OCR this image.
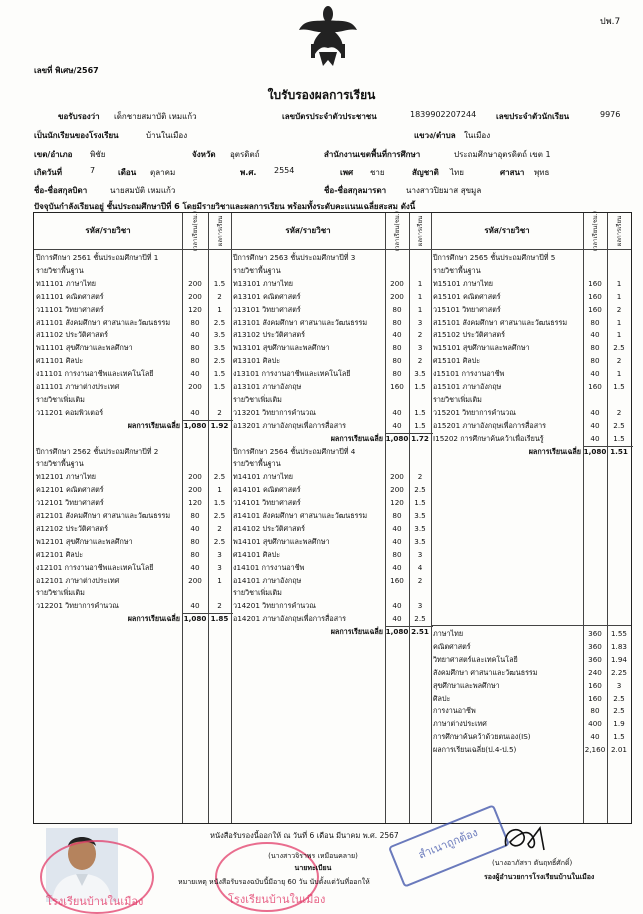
ปพ.7
เลขที่ พิเศษ/2567
ใบรับรองผลการเรียน
ขอรับรองว่า เด็กชายสมาบัติ เหมแก้ว	เลขบัตรประจำตัวประชาชน	1839902207244 เลขประจำตัวนักเรียน	9976
เป็นนักเรียนของโรงเรียน	บ้านในเมือง	แขวง/ตำบล ในเมือง
เขต/อำเภอ พิชัย	จังหวัด อุตรดิตถ์	สำนักงานเขตพื้นที่การศึกษา	ประถมศึกษาอุตรดิตถ์ เขต 1
เกิดวันที่	7	เดือน ตุลาคม	พ.ศ. 2554	เพศ ชาย	สัญชาติ ไทย	ศาสนา พุทธ
ชื่อ-ชื่อสกุลบิดา	นายสมบัติ เหมแก้ว	ชื่อ-ชื่อสกุลมารดา นางสาวปิยมาส สุขมูล
ปัจจุบันกำลังเรียนอยู่ ชั้นประถมศึกษาปีที่ 6 โดยมีรายวิชาและผลการเรียน พร้อมทั้งระดับคะแนนเฉลี่ยสะสม ดังนี้
รหัส/รายวิชา	เวลาเรียน(ชม.)	ผลการเรียน	รหัส/รายวิชา	เวลาเรียน(ชม.)	ผลการเรียน	รหัส/รายวิชา	เวลาเรียน(ชม.)	ผลการเรียน
ปีการศึกษา 2561 ชั้นประถมศึกษาปีที่ 1
รายวิชาพื้นฐาน
ท11101 ภาษาไทย	200	1.5
ค11101 คณิตศาสตร์	200	2
ว11101 วิทยาศาสตร์	120	1
ส11101 สังคมศึกษา ศาสนาและวัฒนธรรม	80	2.5
ส11102 ประวัติศาสตร์	40	3.5
พ11101 สุขศึกษาและพลศึกษา	80	3.5
ศ11101 ศิลปะ	80	2.5
ง11101 การงานอาชีพและเทคโนโลยี	40	1.5
อ11101 ภาษาต่างประเทศ	200	1.5
รายวิชาเพิ่มเติม
ว11201 คอมพิวเตอร์	40	2
ผลการเรียนเฉลี่ย 1,080 1.92
ปีการศึกษา 2562 ชั้นประถมศึกษาปีที่ 2
รายวิชาพื้นฐาน
ท12101 ภาษาไทย	200	2.5
ค12101 คณิตศาสตร์	200	1
ว12101 วิทยาศาสตร์	120	1.5
ส12101 สังคมศึกษา ศาสนาและวัฒนธรรม	80	2.5
ส12102 ประวัติศาสตร์	40	2
พ12101 สุขศึกษาและพลศึกษา	80	2.5
ศ12101 ศิลปะ	80	3
ง12101 การงานอาชีพและเทคโนโลยี	40	3
อ12101 ภาษาต่างประเทศ	200	1
รายวิชาเพิ่มเติม
ว12201 วิทยาการคำนวณ	40	2
ผลการเรียนเฉลี่ย 1,080 1.85
ปีการศึกษา 2563 ชั้นประถมศึกษาปีที่ 3
รายวิชาพื้นฐาน
ท13101 ภาษาไทย	200	1
ค13101 คณิตศาสตร์	200	1
ว13101 วิทยาศาสตร์	80	1
ส13101 สังคมศึกษา ศาสนาและวัฒนธรรม	80	3
ส13102 ประวัติศาสตร์	40	2
พ13101 สุขศึกษาและพลศึกษา	80	3
ศ13101 ศิลปะ	80	2
ง13101 การงานอาชีพและเทคโนโลยี	80	3.5
อ13101 ภาษาอังกฤษ	160	1.5
รายวิชาเพิ่มเติม
ว13201 วิทยาการคำนวณ	40	1.5
อ13201 ภาษาอังกฤษเพื่อการสื่อสาร	40	1.5
ผลการเรียนเฉลี่ย 1,080 1.72
ปีการศึกษา 2564 ชั้นประถมศึกษาปีที่ 4
รายวิชาพื้นฐาน
ท14101 ภาษาไทย	200	2
ค14101 คณิตศาสตร์	200	2.5
ว14101 วิทยาศาสตร์	120	1.5
ส14101 สังคมศึกษา ศาสนาและวัฒนธรรม	80	3.5
ส14102 ประวัติศาสตร์	40	3.5
พ14101 สุขศึกษาและพลศึกษา	40	3.5
ศ14101 ศิลปะ	80	3
ง14101 การงานอาชีพ	40	4
อ14101 ภาษาอังกฤษ	160	2
รายวิชาเพิ่มเติม
ว14201 วิทยาการคำนวณ	40	3
อ14201 ภาษาอังกฤษเพื่อการสื่อสาร	40	2.5
ผลการเรียนเฉลี่ย 1,080 2.51
ปีการศึกษา 2565 ชั้นประถมศึกษาปีที่ 5
รายวิชาพื้นฐาน
ท15101 ภาษาไทย	160	1
ค15101 คณิตศาสตร์	160	1
ว15101 วิทยาศาสตร์	160	2
ส15101 สังคมศึกษา ศาสนาและวัฒนธรรม	80	1
ส15102 ประวัติศาสตร์	40	1
พ15101 สุขศึกษาและพลศึกษา	80	2.5
ศ15101 ศิลปะ	80	2
ง15101 การงานอาชีพ	40	1
อ15101 ภาษาอังกฤษ	160	1.5
รายวิชาเพิ่มเติม
ว15201 วิทยาการคำนวณ	40	2
อ15201 ภาษาอังกฤษเพื่อการสื่อสาร	40	2.5
I15202 การศึกษาค้นคว้าเพื่อเรียนรู้	40	1.5
ผลการเรียนเฉลี่ย 1,080 1.51
ภาษาไทย	360	1.55
คณิตศาสตร์	360	1.83
วิทยาศาสตร์และเทคโนโลยี	360	1.94
สังคมศึกษา ศาสนาและวัฒนธรรม	240	2.25
สุขศึกษาและพลศึกษา	160	3
ศิลปะ	160	2.5
การงานอาชีพ	80	2.5
ภาษาต่างประเทศ	400	1.9
การศึกษาค้นคว้าด้วยตนเอง(IS)	40	1.5
ผลการเรียนเฉลี่ย(ป.4-ป.5)	2,160 2.01
โรงเรียนบ้านในเมือง	โรงเรียนบ้านในเมือง
สำเนาถูกต้อง
หนังสือรับรองนี้ออกให้ ณ วันที่ 6 เดือน มีนาคม พ.ศ. 2567
(นางสาวจิราพร เหมือนคลาย)
นายทะเบียน
หมายเหตุ หนังสือรับรองฉบับนี้มีอายุ 60 วัน นับตั้งแต่วันที่ออกให้
(นางอาภัสรา ตันฤทธิ์ศักดิ์)
รองผู้อำนวยการโรงเรียนบ้านในเมือง
